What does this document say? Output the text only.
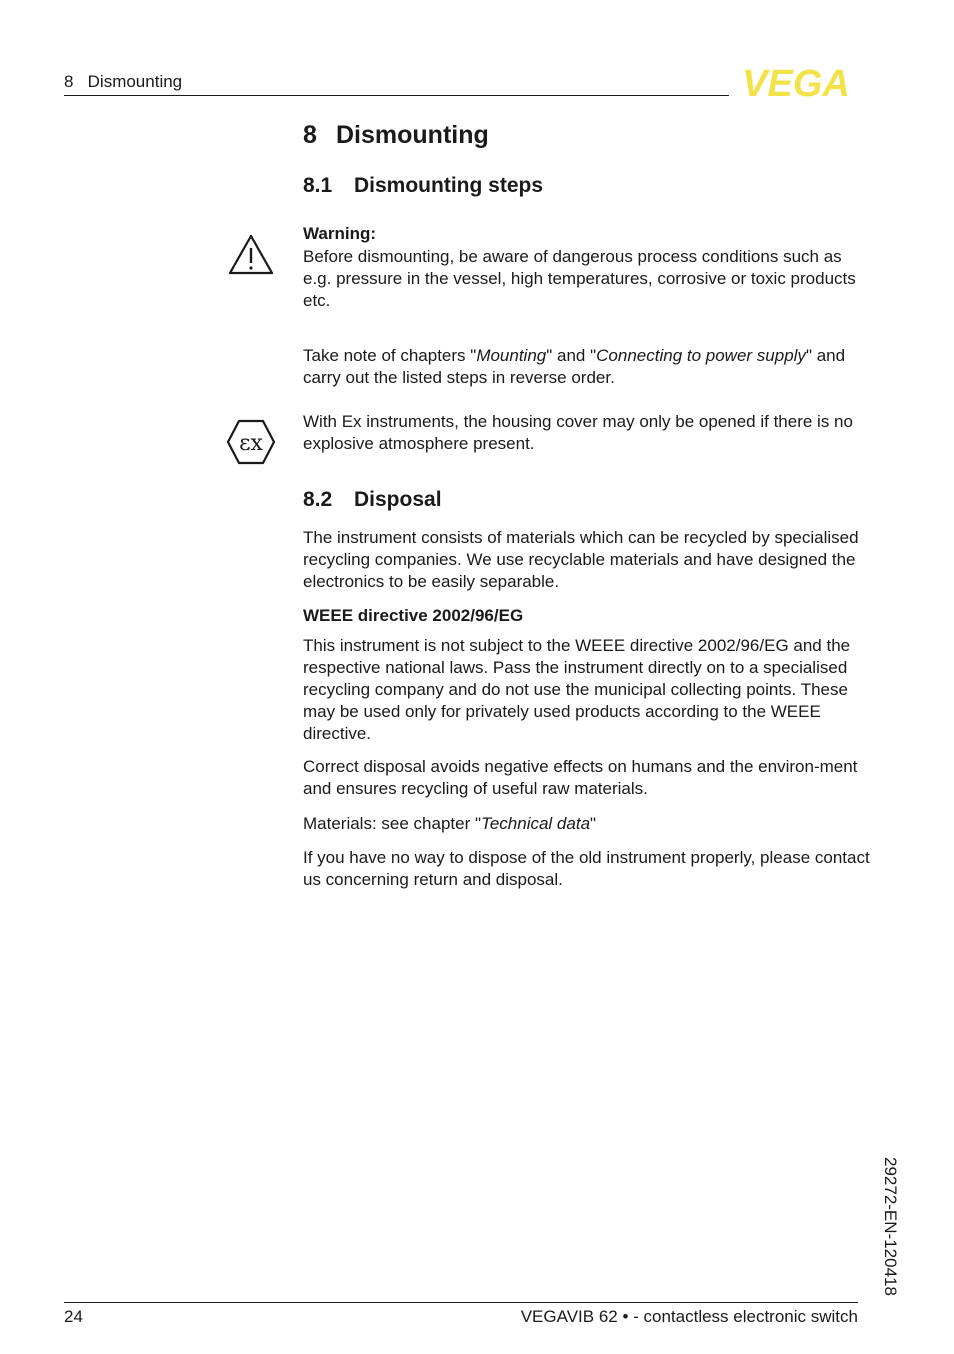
8 Dismounting	VEGA
8 Dismounting
8.1 Dismounting steps

Warning:

Before dismounting, be aware of dangerous process conditions such as e.g. pressure in the vessel, high temperatures, corrosive or toxic products etc.

Take note of chapters "Mounting" and "Connecting to power supply" and carry out the listed steps in reverse order.

εx

With Ex instruments, the housing cover may only be opened if there is no explosive atmosphere present.

8.2 Disposal

The instrument consists of materials which can be recycled by specialised recycling companies. We use recyclable materials and have designed the electronics to be easily separable.

WEEE directive 2002/96/EG

This instrument is not subject to the WEEE directive 2002/96/EG and the respective national laws. Pass the instrument directly on to a specialised recycling company and do not use the municipal collecting points. These may be used only for privately used products according to the WEEE directive.

Correct disposal avoids negative effects on humans and the environ-ment and ensures recycling of useful raw materials.

Materials: see chapter "Technical data"

If you have no way to dispose of the old instrument properly, please contact us concerning return and disposal.

29272-EN-120418
24	VEGAVIB 62 • - contactless electronic switch
